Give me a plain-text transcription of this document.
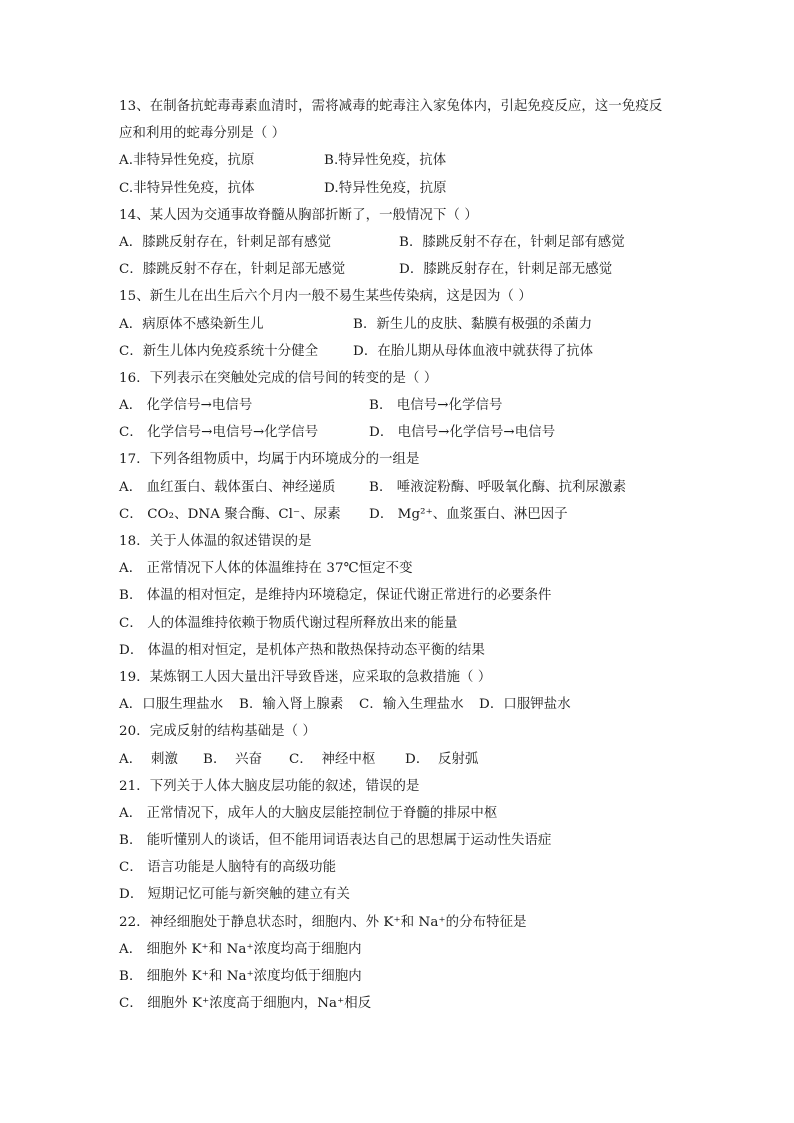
13、在制备抗蛇毒毒素血清时，需将减毒的蛇毒注入家兔体内，引起免疫反应，这一免疫反
应和利用的蛇毒分别是（ ）
A.非特异性免疫，抗原	B.特异性免疫，抗体
C.非特异性免疫，抗体	D.特异性免疫，抗原
14、某人因为交通事故脊髓从胸部折断了，一般情况下（ ）
A．膝跳反射存在，针刺足部有感觉	B．膝跳反射不存在，针刺足部有感觉
C．膝跳反射不存在，针刺足部无感觉	D．膝跳反射存在，针刺足部无感觉
15、新生儿在出生后六个月内一般不易生某些传染病，这是因为（ ）
A．病原体不感染新生儿	B．新生儿的皮肤、黏膜有极强的杀菌力
C．新生儿体内免疫系统十分健全	D．在胎儿期从母体血液中就获得了抗体
16．下列表示在突触处完成的信号间的转变的是（ ）
A． 化学信号→电信号	B． 电信号→化学信号
C． 化学信号→电信号→化学信号	D． 电信号→化学信号→电信号
17．下列各组物质中，均属于内环境成分的一组是
A． 血红蛋白、载体蛋白、神经递质	B． 唾液淀粉酶、呼吸氧化酶、抗利尿激素
C． CO₂、DNA 聚合酶、Cl⁻、尿素	D． Mg²⁺、血浆蛋白、淋巴因子
18．关于人体温的叙述错误的是
A． 正常情况下人体的体温维持在 37℃恒定不变
B． 体温的相对恒定，是维持内环境稳定，保证代谢正常进行的必要条件
C． 人的体温维持依赖于物质代谢过程所释放出来的能量
D． 体温的相对恒定，是机体产热和散热保持动态平衡的结果
19．某炼钢工人因大量出汗导致昏迷，应采取的急救措施（ ）
A．口服生理盐水	B．输入肾上腺素	C．输入生理盐水	D．口服钾盐水
20．完成反射的结构基础是（ ）
A．  刺激	B．  兴奋	C．  神经中枢	D．  反射弧
21．下列关于人体大脑皮层功能的叙述，错误的是
A． 正常情况下，成年人的大脑皮层能控制位于脊髓的排尿中枢
B． 能听懂别人的谈话，但不能用词语表达自己的思想属于运动性失语症
C． 语言功能是人脑特有的高级功能
D． 短期记忆可能与新突触的建立有关
22．神经细胞处于静息状态时，细胞内、外 K⁺和 Na⁺的分布特征是
A． 细胞外 K⁺和 Na⁺浓度均高于细胞内
B． 细胞外 K⁺和 Na⁺浓度均低于细胞内
C． 细胞外 K⁺浓度高于细胞内，Na⁺相反
